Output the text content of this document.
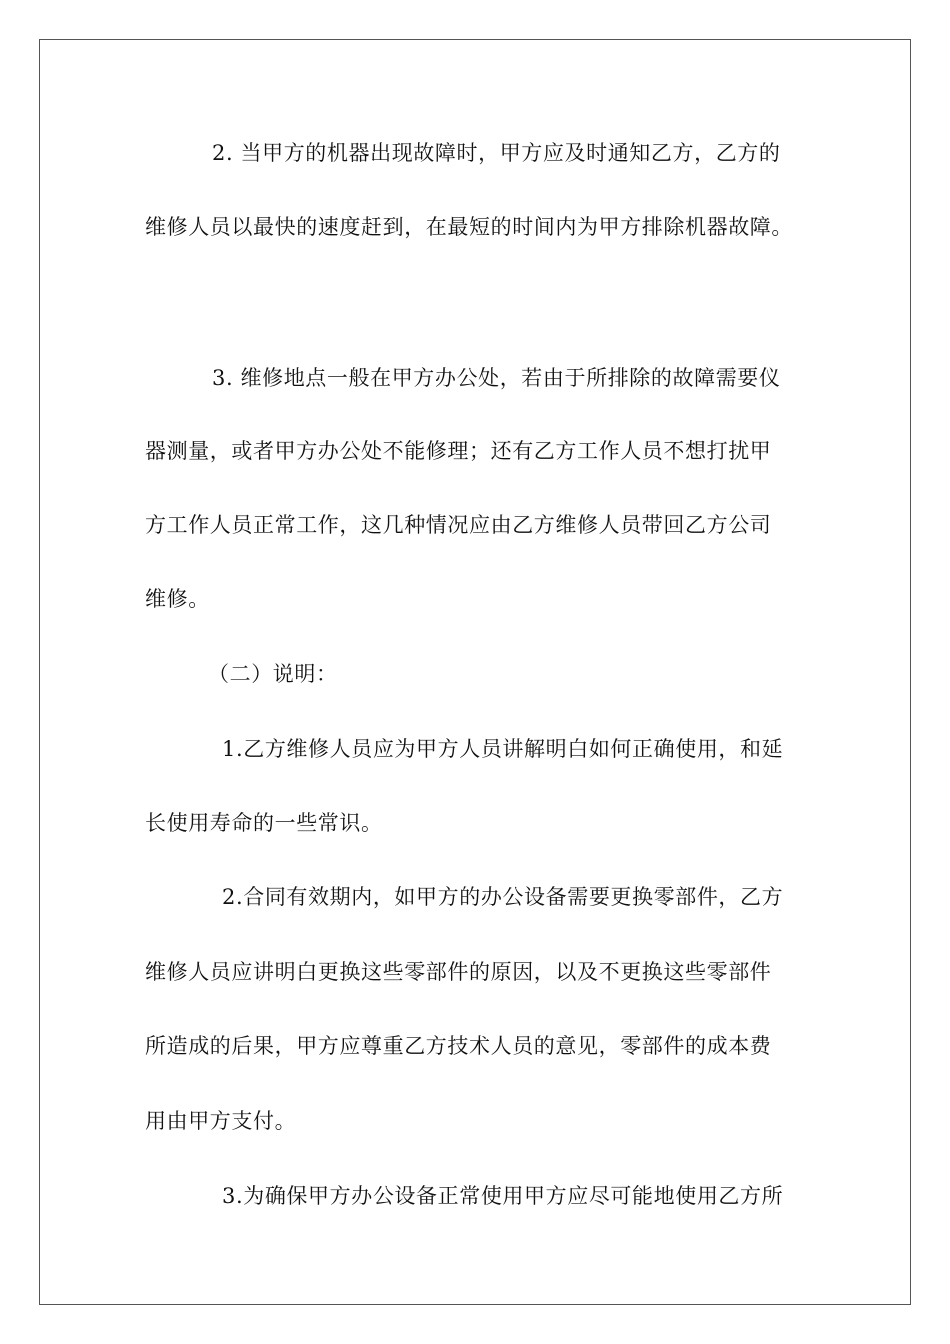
2. 当甲方的机器出现故障时，甲方应及时通知乙方，乙方的
维修人员以最快的速度赶到，在最短的时间内为甲方排除机器故障。
3. 维修地点一般在甲方办公处，若由于所排除的故障需要仪
器测量，或者甲方办公处不能修理；还有乙方工作人员不想打扰甲
方工作人员正常工作，这几种情况应由乙方维修人员带回乙方公司
维修。
（二）说明：
1.乙方维修人员应为甲方人员讲解明白如何正确使用，和延
长使用寿命的一些常识。
2.合同有效期内，如甲方的办公设备需要更换零部件，乙方
维修人员应讲明白更换这些零部件的原因，以及不更换这些零部件
所造成的后果，甲方应尊重乙方技术人员的意见，零部件的成本费
用由甲方支付。
3.为确保甲方办公设备正常使用甲方应尽可能地使用乙方所
